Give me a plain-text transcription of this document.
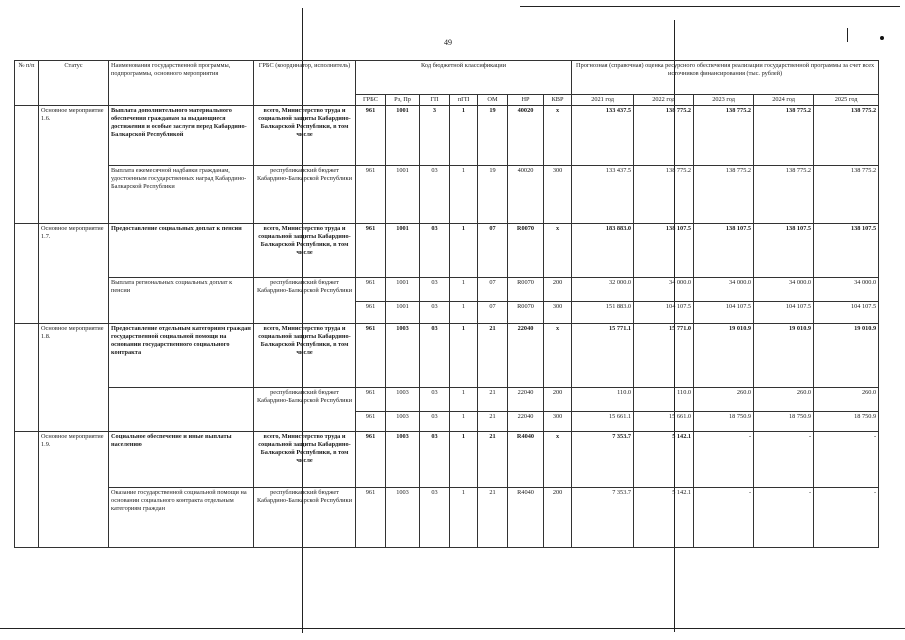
49
№ п/п	Статус	Наименования государственной программы, подпрограммы, основного мероприятия	ГРБС (координатор, исполнитель)	Код бюджетной классификации							Прогнозная (справочная) оценка ресурсного обеспечения реализации государственной программы за счет всех источников финансирования (тыс. рублей)				
				ГРБС	Рз, Пр	ГП	пГП	ОМ	НР	КВР	2021 год	2022 год	2023 год	2024 год	2025 год
	Основное мероприятие 1.6.	Выплата дополнительного материального обеспечения гражданам за выдающиеся достижения и особые заслуги перед Кабардино-Балкарской Республикой	всего, Министерство труда и социальной защиты Кабардино-Балкарской Республики, в том числе	961	1001	3	1	19	40020	х	133 437.5	138 775.2	138 775.2	138 775.2	138 775.2
		Выплата ежемесячной надбавки гражданам, удостоенным государственных наград Кабардино-Балкарской Республики	республиканский бюджет Кабардино-Балкарской Республики	961	1001	03	1	19	40020	300	133 437.5	138 775.2	138 775.2	138 775.2	138 775.2
	Основное мероприятие 1.7.	Предоставление социальных доплат к пенсии	всего, Министерство труда и социальной защиты Кабардино-Балкарской Республики, в том числе	961	1001	03	1	07	R0070	х	183 883.0	138 107.5	138 107.5	138 107.5	138 107.5
		Выплата региональных социальных доплат к пенсии	республиканский бюджет Кабардино-Балкарской Республики	961	1001	03	1	07	R0070	200	32 000.0	34 000.0	34 000.0	34 000.0	34 000.0
				961	1001	03	1	07	R0070	300	151 883.0	104 107.5	104 107.5	104 107.5	104 107.5
	Основное мероприятие 1.8.	Предоставление отдельным категориям граждан государственной социальной помощи на основании государственного социального контракта	всего, Министерство труда и социальной защиты Кабардино-Балкарской Республики, в том числе	961	1003	03	1	21	22040	х	15 771.1	15 771.0	19 010.9	19 010.9	19 010.9
			республиканский бюджет Кабардино-Балкарской Республики	961	1003	03	1	21	22040	200	110.0	110.0	260.0	260.0	260.0
				961	1003	03	1	21	22040	300	15 661.1	15 661.0	18 750.9	18 750.9	18 750.9
	Основное мероприятие 1.9.	Социальное обеспечение и иные выплаты населению	всего, Министерство труда и социальной защиты Кабардино-Балкарской Республики, в том числе	961	1003	03	1	21	R4040	х	7 353.7	5 142.1	-	-	-
		Оказание государственной социальной помощи на основании социального контракта отдельным категориям граждан	республиканский бюджет Кабардино-Балкарской Республики	961	1003	03	1	21	R4040	200	7 353.7	5 142.1	-	-	-
